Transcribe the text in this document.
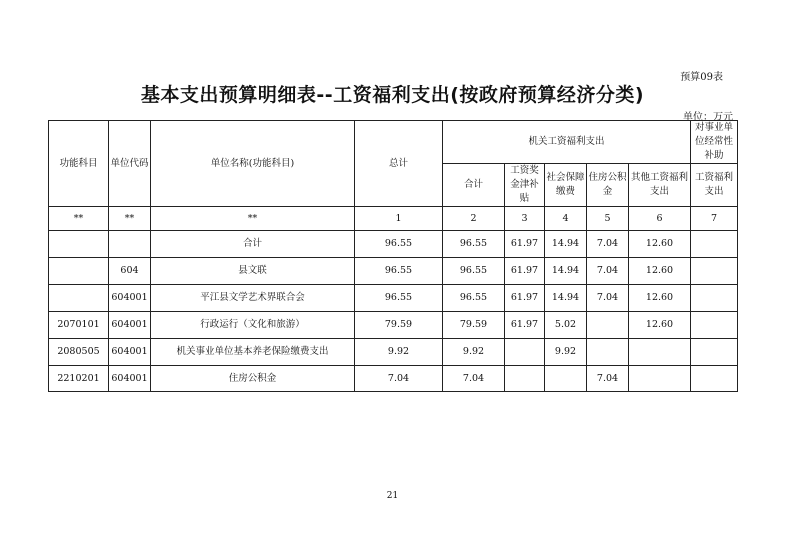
预算09表
基本支出预算明细表--工资福利支出(按政府预算经济分类)
单位：万元
功能科目	单位代码	单位名称(功能科目)	总计	机关工资福利支出					对事业单位经常性补助
				合计	工资奖金津补贴	社会保障缴费	住房公积金	其他工资福利支出	工资福利支出
**	**	**	1	2	3	4	5	6	7
		合计	96.55	96.55	61.97	14.94	7.04	12.60	
	604	县文联	96.55	96.55	61.97	14.94	7.04	12.60	
	604001	平江县文学艺术界联合会	96.55	96.55	61.97	14.94	7.04	12.60	
2070101	604001	行政运行（文化和旅游）	79.59	79.59	61.97	5.02		12.60	
2080505	604001	机关事业单位基本养老保险缴费支出	9.92	9.92		9.92			
2210201	604001	住房公积金	7.04	7.04			7.04		
21
